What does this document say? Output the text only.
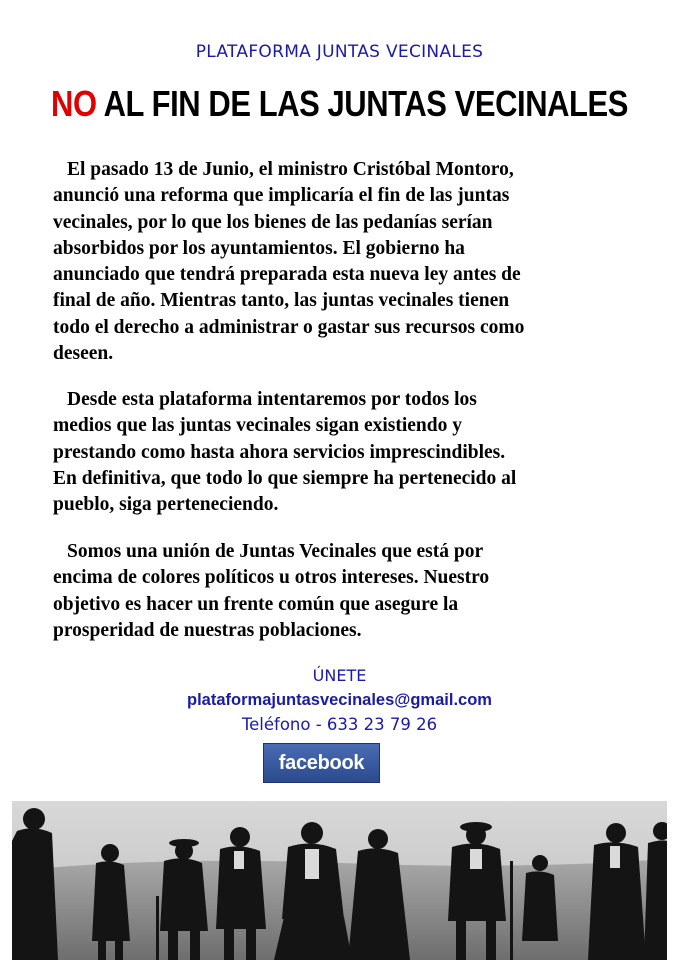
PLATAFORMA JUNTAS VECINALES
NO AL FIN DE LAS JUNTAS VECINALES
El pasado 13 de Junio, el ministro Cristóbal Montoro,
anunció una reforma que implicaría el fin de las juntas
vecinales, por lo que los bienes de las pedanías serían
absorbidos por los ayuntamientos. El gobierno ha
anunciado que tendrá preparada esta nueva ley antes de
final de año. Mientras tanto, las juntas vecinales tienen
todo el derecho a administrar o gastar sus recursos como
deseen.
Desde esta plataforma intentaremos por todos los
medios que las juntas vecinales sigan existiendo y
prestando como hasta ahora servicios imprescindibles.
En definitiva, que todo lo que siempre ha pertenecido al
pueblo, siga perteneciendo.
Somos una unión de Juntas Vecinales que está por
encima de colores políticos u otros intereses. Nuestro
objetivo es hacer un frente común que asegure la
prosperidad de nuestras poblaciones.
ÚNETE
plataformajuntasvecinales@gmail.com
Teléfono - 633 23 79 26
facebook
